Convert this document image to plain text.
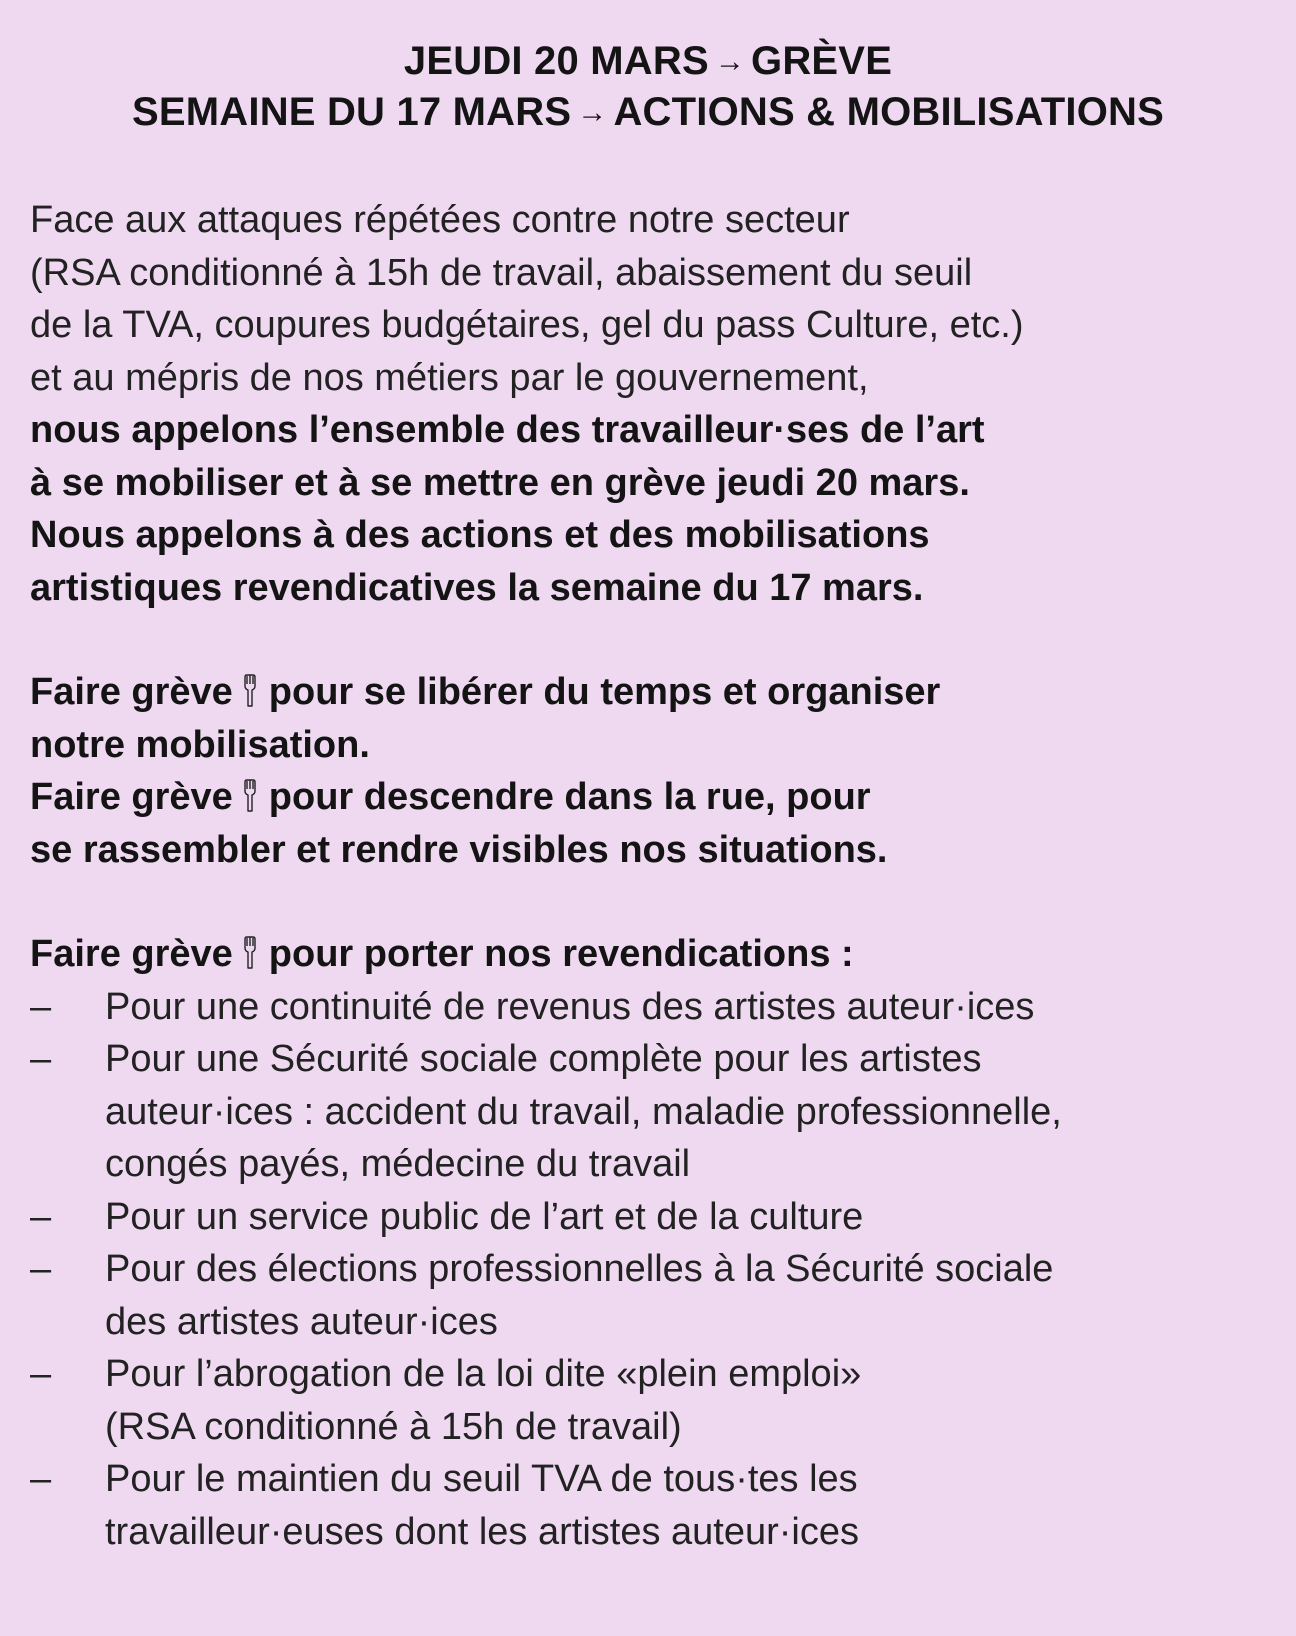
JEUDI 20 MARS → GRÈVE
SEMAINE DU 17 MARS → ACTIONS & MOBILISATIONS
Face aux attaques répétées contre notre secteur
(RSA conditionné à 15h de travail, abaissement du seuil
de la TVA, coupures budgétaires, gel du pass Culture, etc.)
et au mépris de nos métiers par le gouvernement,
nous appelons l’ensemble des travailleur·ses de l’art
à se mobiliser et à se mettre en grève jeudi 20 mars.
Nous appelons à des actions et des mobilisations
artistiques revendicatives la semaine du 17 mars.
Faire grève pour se libérer du temps et organiser
notre mobilisation.
Faire grève pour descendre dans la rue, pour
se rassembler et rendre visibles nos situations.
Faire grève pour porter nos revendications :
– Pour une continuité de revenus des artistes auteur·ices
– Pour une Sécurité sociale complète pour les artistes
auteur·ices : accident du travail, maladie professionnelle,
congés payés, médecine du travail
– Pour un service public de l’art et de la culture
– Pour des élections professionnelles à la Sécurité sociale
des artistes auteur·ices
– Pour l’abrogation de la loi dite «plein emploi»
(RSA conditionné à 15h de travail)
– Pour le maintien du seuil TVA de tous·tes les
travailleur·euses dont les artistes auteur·ices
